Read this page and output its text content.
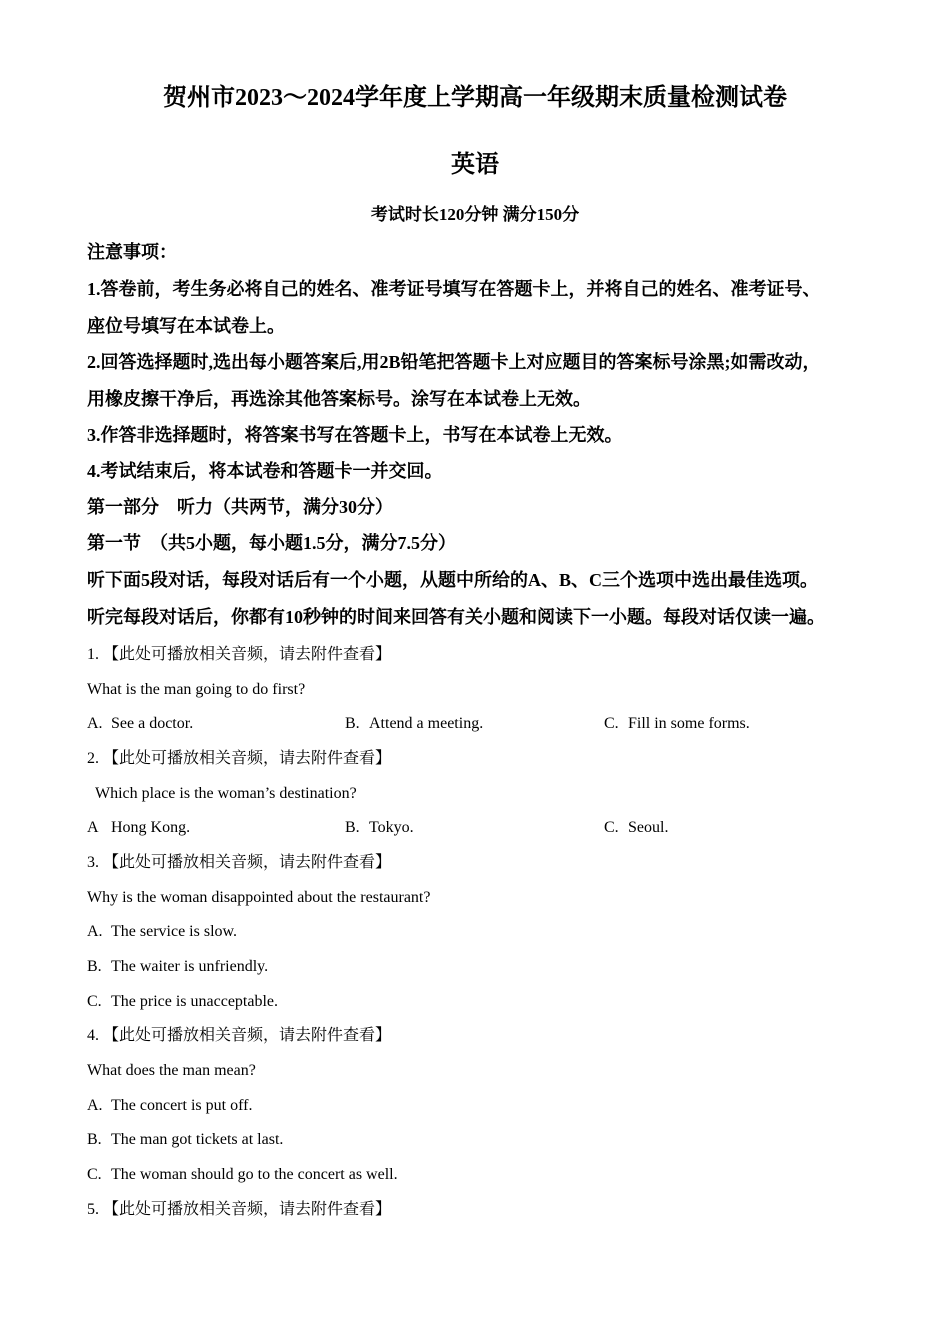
贺州市2023～2024学年度上学期高一年级期末质量检测试卷
英语
考试时长120分钟 满分150分
注意事项：
1.答卷前，考生务必将自己的姓名、准考证号填写在答题卡上，并将自己的姓名、准考证号、
座位号填写在本试卷上。
2.回答选择题时,选出每小题答案后,用2B铅笔把答题卡上对应题目的答案标号涂黑;如需改动，
用橡皮擦干净后，再选涂其他答案标号。涂写在本试卷上无效。
3.作答非选择题时，将答案书写在答题卡上，书写在本试卷上无效。
4.考试结束后，将本试卷和答题卡一并交回。
第一部分　听力（共两节，满分30分）
第一节　（共5小题，每小题1.5分，满分7.5分）
听下面5段对话，每段对话后有一个小题，从题中所给的A、B、C三个选项中选出最佳选项。
听完每段对话后，你都有10秒钟的时间来回答有关小题和阅读下一小题。每段对话仅读一遍。
1. 【此处可播放相关音频，请去附件查看】
What is the man going to do first?
A. See a doctor.	B. Attend a meeting.	C. Fill in some forms.
2. 【此处可播放相关音频，请去附件查看】
Which place is the woman’s destination?
A Hong Kong.	B. Tokyo.	C. Seoul.
3. 【此处可播放相关音频，请去附件查看】
Why is the woman disappointed about the restaurant?
A. The service is slow.
B. The waiter is unfriendly.
C. The price is unacceptable.
4. 【此处可播放相关音频，请去附件查看】
What does the man mean?
A. The concert is put off.
B. The man got tickets at last.
C. The woman should go to the concert as well.
5. 【此处可播放相关音频，请去附件查看】
